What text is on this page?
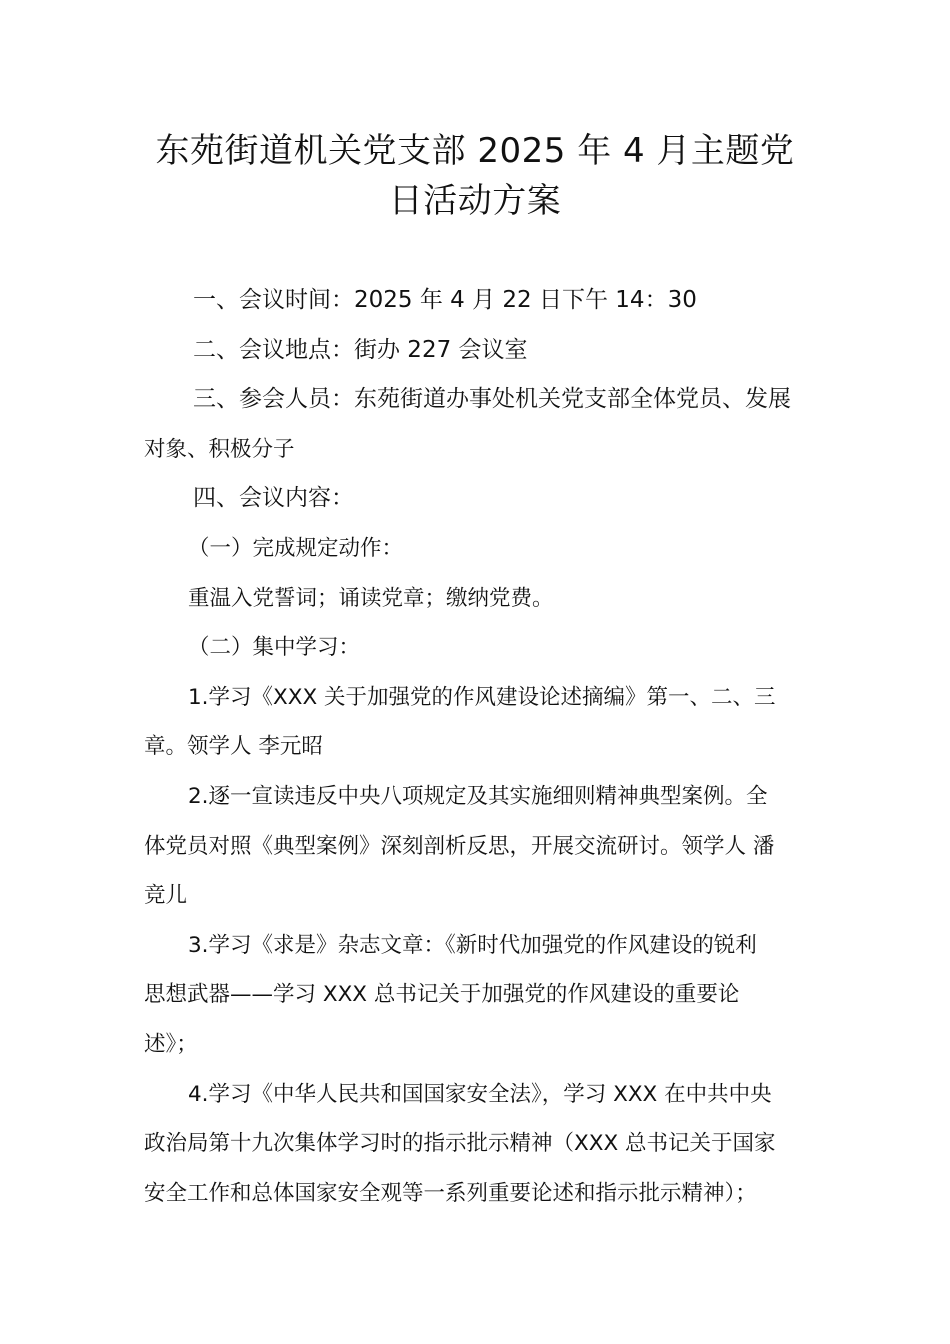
东苑街道机关党支部 2025 年 4 月主题党
日活动方案
一、会议时间：2025 年 4 月 22 日下午 14：30
二、会议地点：街办 227 会议室
三、参会人员：东苑街道办事处机关党支部全体党员、发展
对象、积极分子
四、会议内容：
（一）完成规定动作：
重温入党誓词；诵读党章；缴纳党费。
（二）集中学习：
1.学习《XXX 关于加强党的作风建设论述摘编》第一、二、三
章。领学人 李元昭
2.逐一宣读违反中央八项规定及其实施细则精神典型案例。全
体党员对照《典型案例》深刻剖析反思，开展交流研讨。领学人 潘
竞儿
3.学习《求是》杂志文章：《新时代加强党的作风建设的锐利
思想武器——学习 XXX 总书记关于加强党的作风建设的重要论
述》；
4.学习《中华人民共和国国家安全法》，学习 XXX 在中共中央
政治局第十九次集体学习时的指示批示精神（XXX 总书记关于国家
安全工作和总体国家安全观等一系列重要论述和指示批示精神）；
